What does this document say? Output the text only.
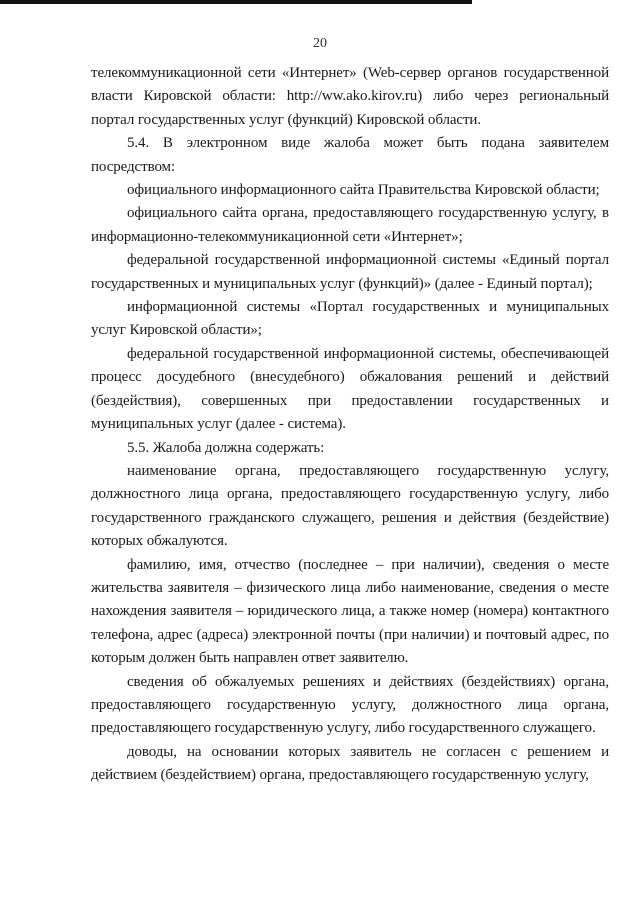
20

телекоммуникационной сети «Интернет» (Web-сервер органов государственной власти Кировской области: http://ww.ako.kirov.ru) либо через региональный портал государственных услуг (функций) Кировской области.

5.4. В электронном виде жалоба может быть подана заявителем посредством:

официального информационного сайта Правительства Кировской области;

официального сайта органа, предоставляющего государственную услугу, в информационно-телекоммуникационной сети «Интернет»;

федеральной государственной информационной системы «Единый портал государственных и муниципальных услуг (функций)» (далее - Единый портал);

информационной системы «Портал государственных и муниципальных услуг Кировской области»;

федеральной государственной информационной системы, обеспечивающей процесс досудебного (внесудебного) обжалования решений и действий (бездействия), совершенных при предоставлении государственных и муниципальных услуг (далее - система).

5.5. Жалоба должна содержать:

наименование органа, предоставляющего государственную услугу, должностного лица органа, предоставляющего государственную услугу, либо государственного гражданского служащего, решения и действия (бездействие) которых обжалуются.

фамилию, имя, отчество (последнее – при наличии), сведения о месте жительства заявителя – физического лица либо наименование, сведения о месте нахождения заявителя – юридического лица, а также номер (номера) контактного телефона, адрес (адреса) электронной почты (при наличии) и почтовый адрес, по которым должен быть направлен ответ заявителю.

сведения об обжалуемых решениях и действиях (бездействиях) органа, предоставляющего государственную услугу, должностного лица органа, предоставляющего государственную услугу, либо государственного служащего.

доводы, на основании которых заявитель не согласен с решением и действием (бездействием) органа, предоставляющего государственную услугу,
